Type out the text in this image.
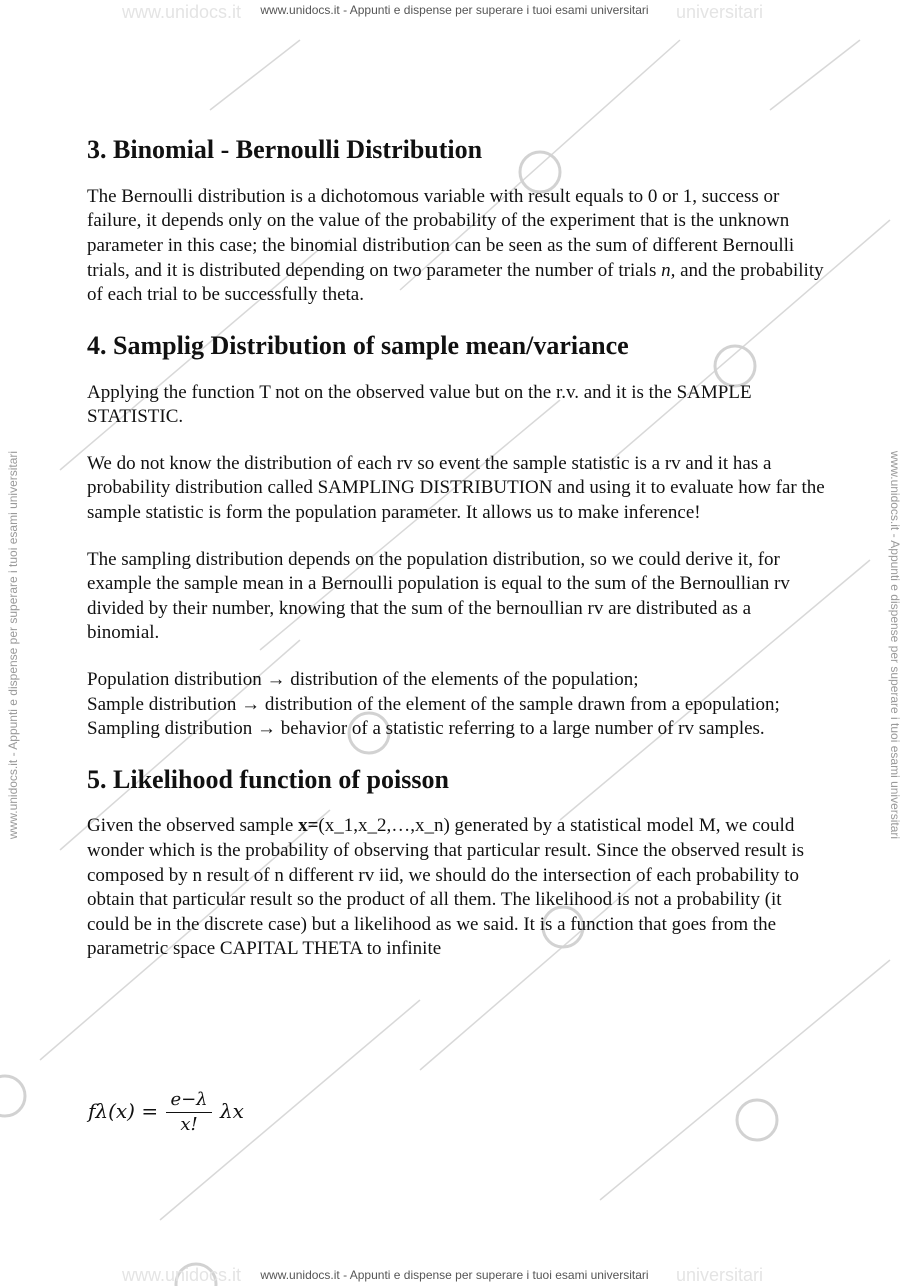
www.unidocs.it	universitari
www.unidocs.it	universitari
www.unidocs.it - Appunti e dispense per superare i tuoi esami universitari
www.unidocs.it - Appunti e dispense per superare i tuoi esami universitari
www.unidocs.it - Appunti e dispense per superare i tuoi esami universitari	www.unidocs.it - Appunti e dispense per superare i tuoi esami universitari
3. Binomial - Bernoulli Distribution

The Bernoulli distribution is a dichotomous variable with result equals to 0 or 1, success or failure, it depends only on the value of the probability of the experiment that is the unknown parameter in this case; the binomial distribution can be seen as the sum of different Bernoulli trials, and it is distributed depending on two parameter the number of trials n, and the probability of each trial to be successfully theta.

4. Samplig Distribution of sample mean/variance

Applying the function T not on the observed value but on the r.v. and it is the SAMPLE STATISTIC.

We do not know the distribution of each rv so event the sample statistic is a rv and it has a probability distribution called SAMPLING DISTRIBUTION and using it to evaluate how far the sample statistic is form the population parameter. It allows us to make inference!

The sampling distribution depends on the population distribution, so we could derive it, for example the sample mean in a Bernoulli population is equal to the sum of the Bernoullian rv divided by their number, knowing that the sum of the bernoullian rv are distributed as a binomial.

Population distribution → distribution of the elements of the population;

Sample distribution → distribution of the element of the sample drawn from a epopulation;

Sampling distribution → behavior of a statistic referring to a large number of rv samples.

5. Likelihood function of poisson

Given the observed sample x=(x_1,x_2,…,x_n) generated by a statistical model M, we could wonder which is the probability of observing that particular result. Since the observed result is composed by n result of n different rv iid, we should do the intersection of each probability to obtain that particular result so the product of all them. The likelihood is not a probability (it could be in the discrete case) but a likelihood as we said. It is a function that goes from the parametric space CAPITAL THETA to infinite

$f\lambda(x) = \frac{e-\lambda}{x!}$ λx
